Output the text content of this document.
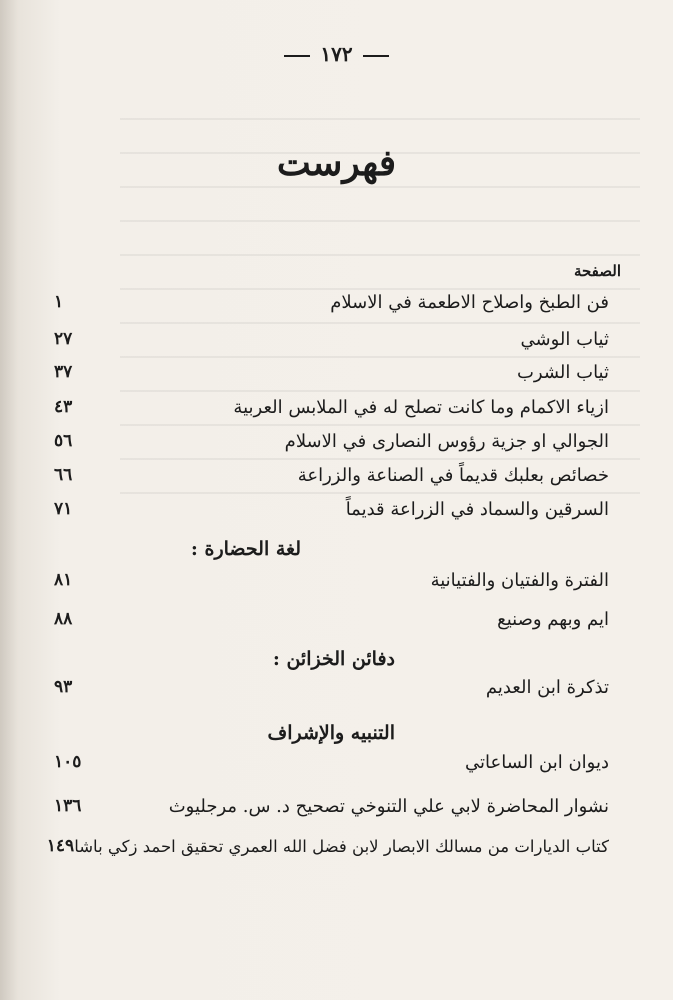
١٧٢
فهرست
الصفحة
فن الطبخ واصلاح الاطعمة في الاسلام
١
ثياب الوشي
٢٧
ثياب الشرب
٣٧
ازياء الاكمام وما كانت تصلح له في الملابس العربية
٤٣
الجوالي او جزية رؤوس النصارى في الاسلام
٥٦
خصائص بعلبك قديماً في الصناعة والزراعة
٦٦
السرقين والسماد في الزراعة قديماً
٧١
لغة الحضارة :
الفترة والفتيان والفتيانية
٨١
ايم وبهم وصنيع
٨٨
دفائن الخزائن :
تذكرة ابن العديم
٩٣
التنبيه والإشراف
ديوان ابن الساعاتي
١٠٥
نشوار المحاضرة لابي علي التنوخي تصحيح د. س. مرجليوث
١٣٦
كتاب الديارات من مسالك الابصار لابن فضل الله العمري تحقيق احمد زكي باشا
١٤٩
